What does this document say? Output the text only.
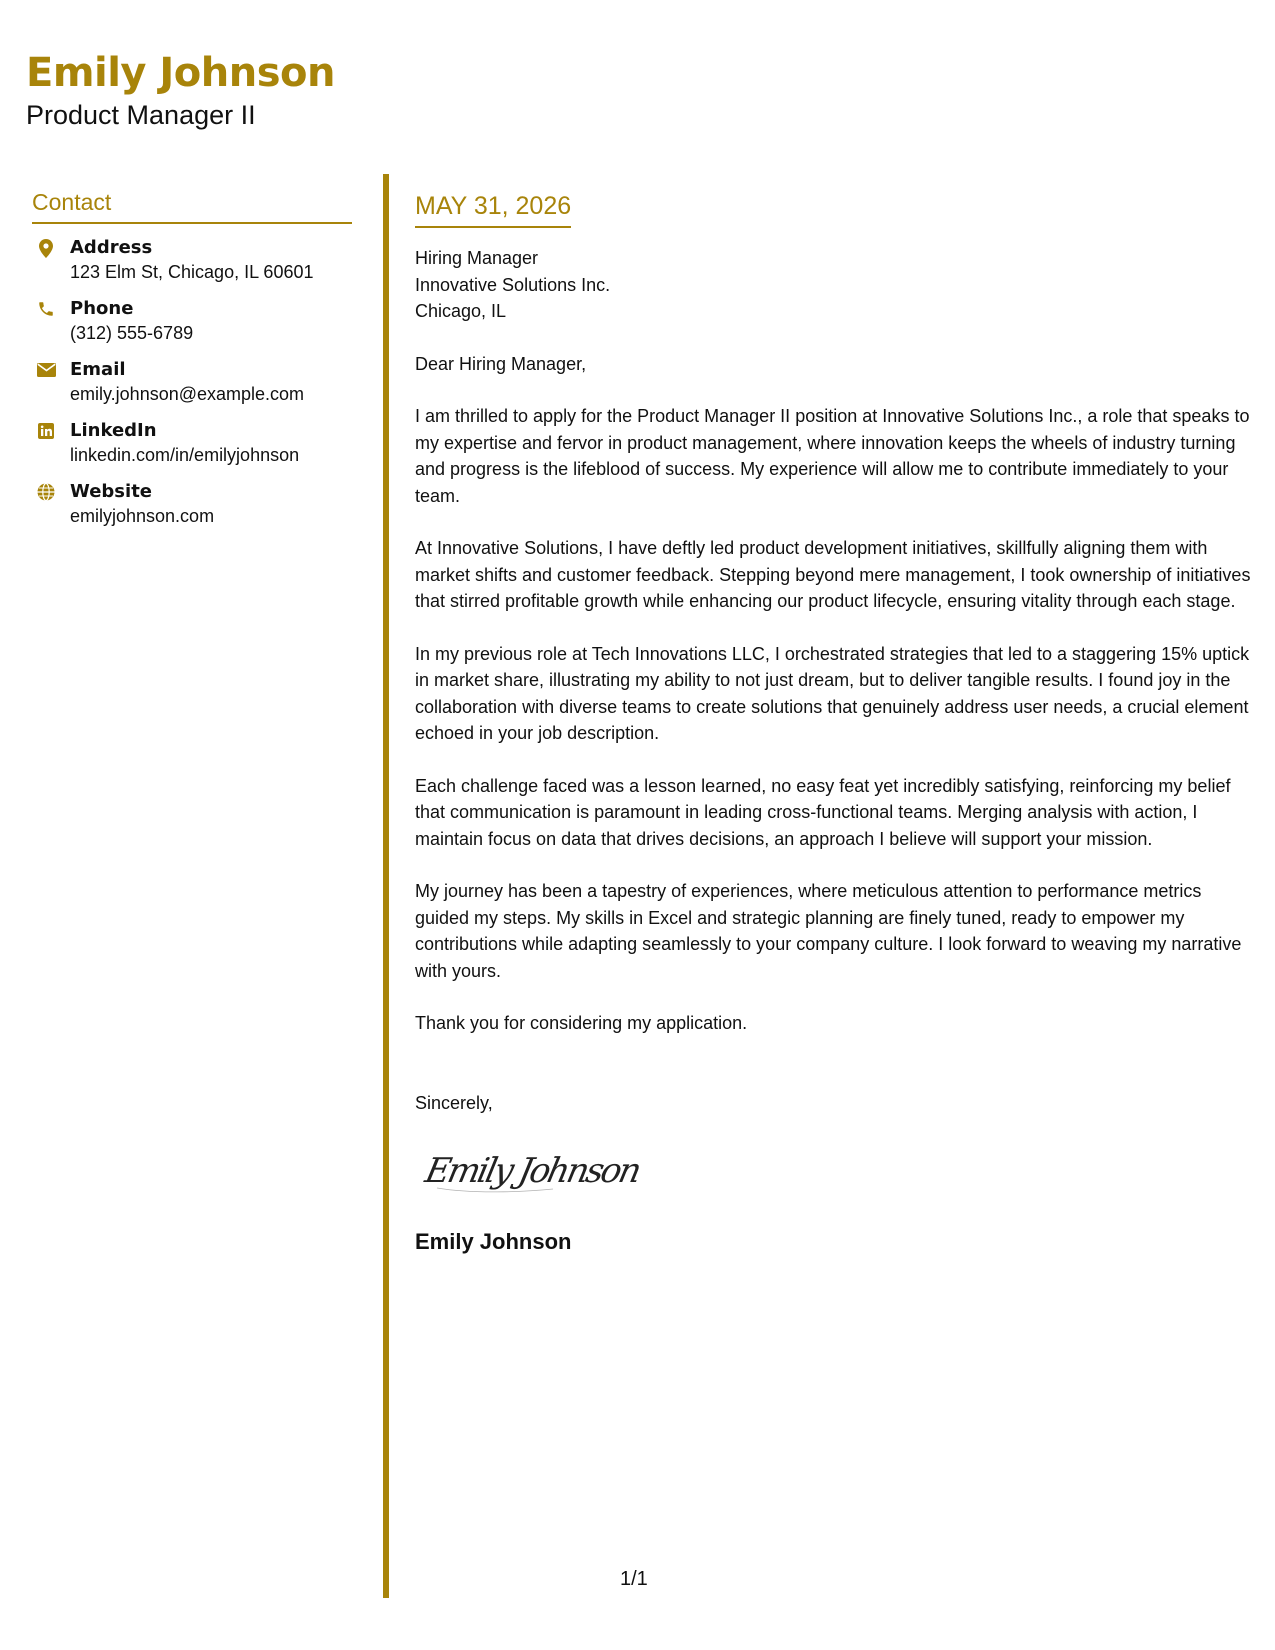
Emily Johnson
Product Manager II
Contact
Address
123 Elm St, Chicago, IL 60601
Phone
(312) 555-6789
Email
emily.johnson@example.com
LinkedIn
linkedin.com/in/emilyjohnson
Website
emilyjohnson.com
MAY 31, 2026
Hiring Manager
Innovative Solutions Inc.
Chicago, IL
Dear Hiring Manager,
I am thrilled to apply for the Product Manager II position at Innovative Solutions Inc., a role that speaks to my expertise and fervor in product management, where innovation keeps the wheels of industry turning and progress is the lifeblood of success. My experience will allow me to contribute immediately to your team.
At Innovative Solutions, I have deftly led product development initiatives, skillfully aligning them with market shifts and customer feedback. Stepping beyond mere management, I took ownership of initiatives that stirred profitable growth while enhancing our product lifecycle, ensuring vitality through each stage.
In my previous role at Tech Innovations LLC, I orchestrated strategies that led to a staggering 15% uptick in market share, illustrating my ability to not just dream, but to deliver tangible results. I found joy in the collaboration with diverse teams to create solutions that genuinely address user needs, a crucial element echoed in your job description.
Each challenge faced was a lesson learned, no easy feat yet incredibly satisfying, reinforcing my belief that communication is paramount in leading cross-functional teams. Merging analysis with action, I maintain focus on data that drives decisions, an approach I believe will support your mission.
My journey has been a tapestry of experiences, where meticulous attention to performance metrics guided my steps. My skills in Excel and strategic planning are finely tuned, ready to empower my contributions while adapting seamlessly to your company culture. I look forward to weaving my narrative with yours.
Thank you for considering my application.
Sincerely,
Emily Johnson
Emily Johnson
1/1
